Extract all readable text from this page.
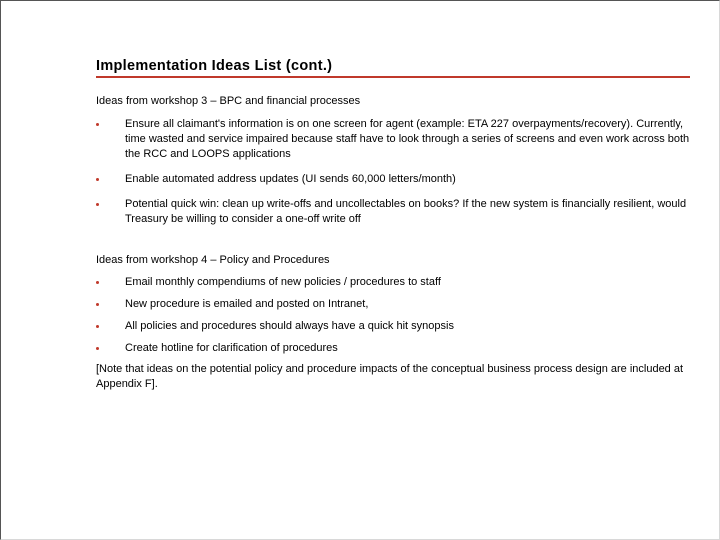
Implementation Ideas List (cont.)
Ideas from workshop 3 – BPC and financial processes
Ensure all claimant's information is on one screen for agent (example: ETA 227 overpayments/recovery). Currently, time wasted and service impaired because staff have to look through a series of screens and even work across both the RCC and LOOPS applications
Enable automated address updates (UI sends 60,000 letters/month)
Potential quick win: clean up write-offs and uncollectables on books? If the new system is financially resilient, would Treasury be willing to consider a one-off write off
Ideas from workshop 4 – Policy and Procedures
Email monthly compendiums of new policies / procedures to staff
New procedure is emailed and posted on Intranet,
All policies and procedures should always have a quick hit synopsis
Create hotline for clarification of procedures

[Note that ideas on the potential policy and procedure impacts of the conceptual business process design are included at Appendix F].
